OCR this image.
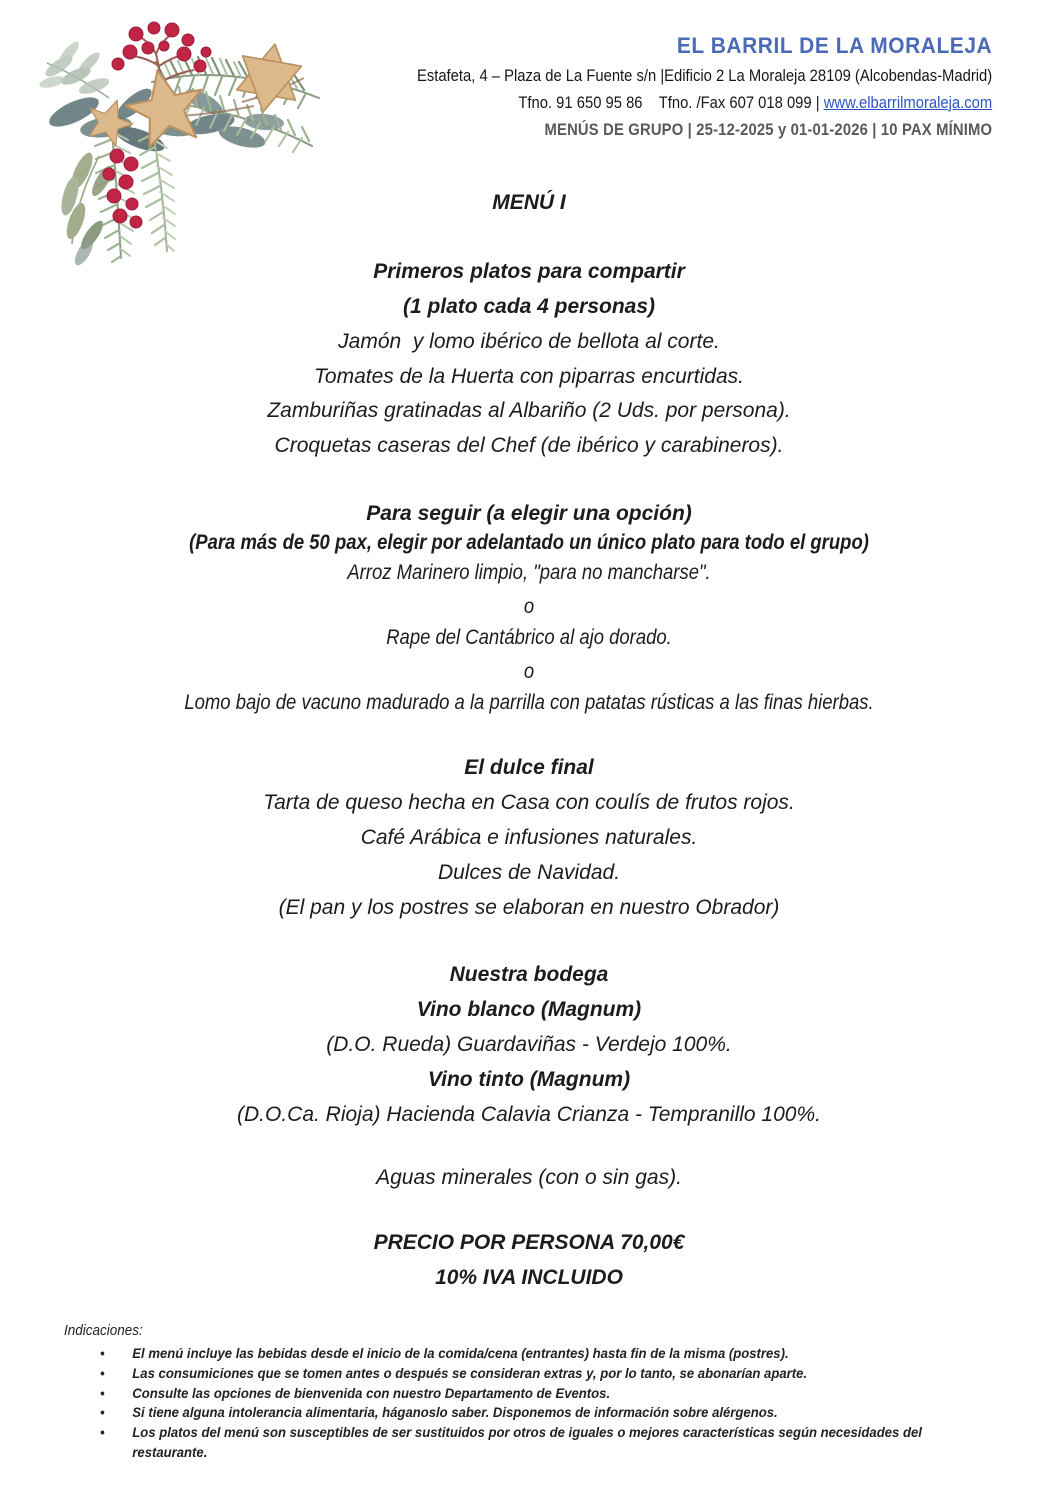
EL BARRIL DE LA MORALEJA
Estafeta, 4 – Plaza de La Fuente s/n |Edificio 2 La Moraleja 28109 (Alcobendas-Madrid)
Tfno. 91 650 95 86    Tfno. /Fax 607 018 099 | www.elbarrilmoraleja.com
MENÚS DE GRUPO | 25-12-2025 y 01-01-2026 | 10 PAX MÍNIMO
MENÚ I
Primeros platos para compartir
(1 plato cada 4 personas)
Jamón  y lomo ibérico de bellota al corte.
Tomates de la Huerta con piparras encurtidas.
Zamburiñas gratinadas al Albariño (2 Uds. por persona).
Croquetas caseras del Chef (de ibérico y carabineros).
Para seguir (a elegir una opción)
(Para más de 50 pax, elegir por adelantado un único plato para todo el grupo)
Arroz Marinero limpio, "para no mancharse".
o
Rape del Cantábrico al ajo dorado.
o
Lomo bajo de vacuno madurado a la parrilla con patatas rústicas a las finas hierbas.
El dulce final
Tarta de queso hecha en Casa con coulís de frutos rojos.
Café Arábica e infusiones naturales.
Dulces de Navidad.
(El pan y los postres se elaboran en nuestro Obrador)
Nuestra bodega
Vino blanco (Magnum)
(D.O. Rueda) Guardaviñas - Verdejo 100%.
Vino tinto (Magnum)
(D.O.Ca. Rioja) Hacienda Calavia Crianza - Tempranillo 100%.
Aguas minerales (con o sin gas).
PRECIO POR PERSONA 70,00€
10% IVA INCLUIDO
Indicaciones:
•	El menú incluye las bebidas desde el inicio de la comida/cena (entrantes) hasta fin de la misma (postres).
•	Las consumiciones que se tomen antes o después se consideran extras y, por lo tanto, se abonarían aparte.
•	Consulte las opciones de bienvenida con nuestro Departamento de Eventos.
•	Si tiene alguna intolerancia alimentaria, háganoslo saber. Disponemos de información sobre alérgenos.
•	Los platos del menú son susceptibles de ser sustituidos por otros de iguales o mejores características según necesidades del restaurante.
